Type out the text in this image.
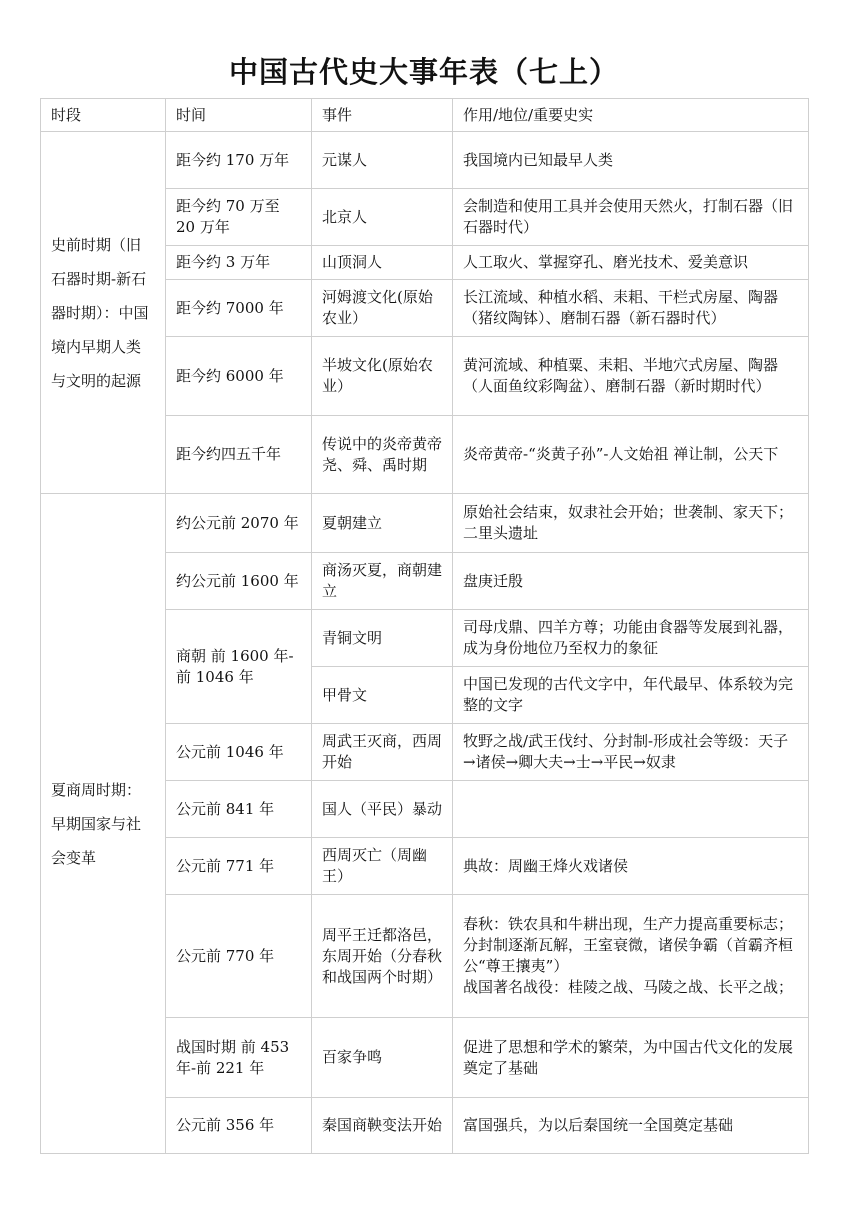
中国古代史大事年表（七上）
时段	时间	事件	作用/地位/重要史实
史前时期（旧石器时期-新石器时期）：中国境内早期人类与文明的起源	距今约 170 万年	元谋人	我国境内已知最早人类
	距今约 70 万至 20 万年	北京人	会制造和使用工具并会使用天然火，打制石器（旧石器时代）
	距今约 3 万年	山顶洞人	人工取火、掌握穿孔、磨光技术、爱美意识
	距今约 7000 年	河姆渡文化(原始农业）	长江流域、种植水稻、耒耜、干栏式房屋、陶器（猪纹陶钵）、磨制石器（新石器时代）
	距今约 6000 年	半坡文化(原始农业）	黄河流域、种植粟、耒耜、半地穴式房屋、陶器（人面鱼纹彩陶盆）、磨制石器（新时期时代）
	距今约四五千年	传说中的炎帝黄帝 尧、舜、禹时期	炎帝黄帝-“炎黄子孙”-人文始祖 禅让制，公天下
夏商周时期：早期国家与社会变革	约公元前 2070 年	夏朝建立	原始社会结束，奴隶社会开始；世袭制、家天下；二里头遗址
	约公元前 1600 年	商汤灭夏，商朝建立	盘庚迁殷
	商朝 前 1600 年-前 1046 年	青铜文明	司母戊鼎、四羊方尊；功能由食器等发展到礼器，成为身份地位乃至权力的象征
		甲骨文	中国已发现的古代文字中，年代最早、体系较为完整的文字
	公元前 1046 年	周武王灭商，西周开始	牧野之战/武王伐纣、分封制-形成社会等级：天子→诸侯→卿大夫→士→平民→奴隶
	公元前 841 年	国人（平民）暴动	
	公元前 771 年	西周灭亡（周幽王）	典故：周幽王烽火戏诸侯
	公元前 770 年	周平王迁都洛邑，东周开始（分春秋和战国两个时期）	春秋：铁农具和牛耕出现，生产力提高重要标志；分封制逐渐瓦解，王室衰微，诸侯争霸（首霸齐桓公“尊王攘夷”）
战国著名战役：桂陵之战、马陵之战、长平之战；

	战国时期 前 453 年-前 221 年	百家争鸣	促进了思想和学术的繁荣，为中国古代文化的发展奠定了基础
	公元前 356 年	秦国商鞅变法开始	富国强兵，为以后秦国统一全国奠定基础
